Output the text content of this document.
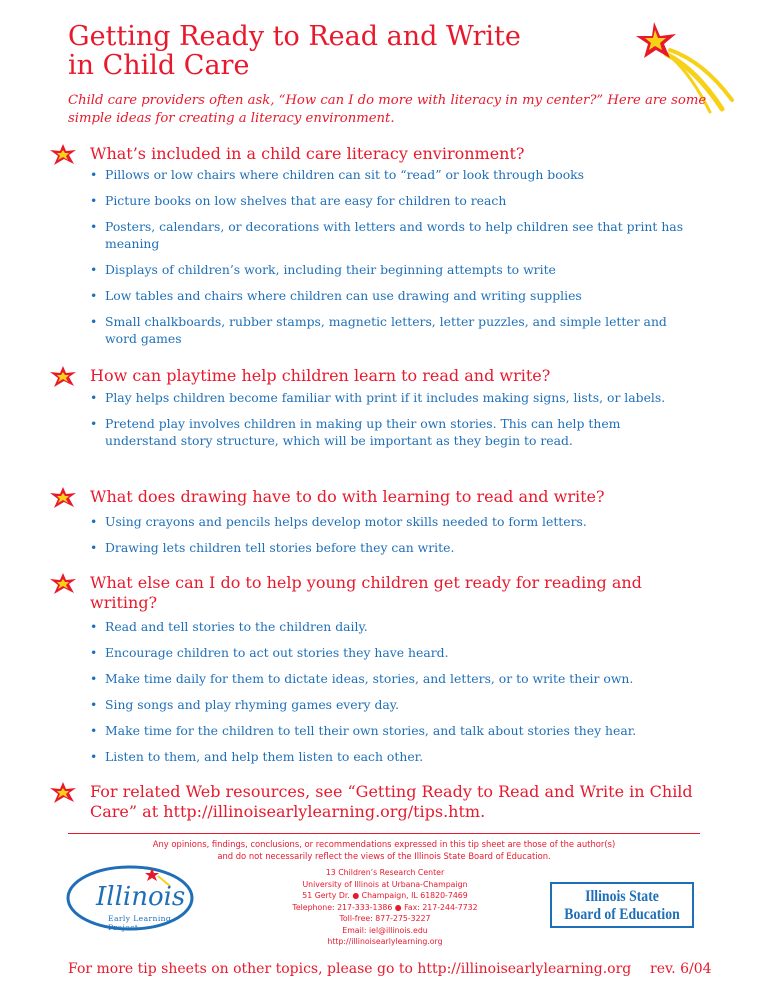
Getting Ready to Read and Write
in Child Care
Child care providers often ask, “How can I do more with literacy in my center?” Here are some simple ideas for creating a literacy environment.
What’s included in a child care literacy environment?
• Pillows or low chairs where children can sit to “read” or look through books
• Picture books on low shelves that are easy for children to reach
• Posters, calendars, or decorations with letters and words to help children see that print has meaning
• Displays of children’s work, including their beginning attempts to write
• Low tables and chairs where children can use drawing and writing supplies
• Small chalkboards, rubber stamps, magnetic letters, letter puzzles, and simple letter and word games
How can playtime help children learn to read and write?
• Play helps children become familiar with print if it includes making signs, lists, or labels.
• Pretend play involves children in making up their own stories. This can help them understand story structure, which will be important as they begin to read.
What does drawing have to do with learning to read and write?
• Using crayons and pencils helps develop motor skills needed to form letters.
• Drawing lets children tell stories before they can write.
What else can I do to help young children get ready for reading and writing?
• Read and tell stories to the children daily.
• Encourage children to act out stories they have heard.
• Make time daily for them to dictate ideas, stories, and letters, or to write their own.
• Sing songs and play rhyming games every day.
• Make time for the children to tell their own stories, and talk about stories they hear.
• Listen to them, and help them listen to each other.
For related Web resources, see “Getting Ready to Read and Write in Child Care” at http://illinoisearlylearning.org/tips.htm.
Any opinions, findings, conclusions, or recommendations expressed in this tip sheet are those of the author(s)
and do not necessarily reflect the views of the Illinois State Board of Education.
Illinois
Early Learning Project
13 Children’s Research Center
University of Illinois at Urbana-Champaign
51 Gerty Dr. ● Champaign, IL 61820-7469
Telephone: 217-333-1386 ● Fax: 217-244-7732
Toll-free: 877-275-3227
Email: iel@illinois.edu
http://illinoisearlylearning.org
Illinois State
Board of Education
For more tip sheets on other topics, please go to http://illinoisearlylearning.org rev. 6/04
